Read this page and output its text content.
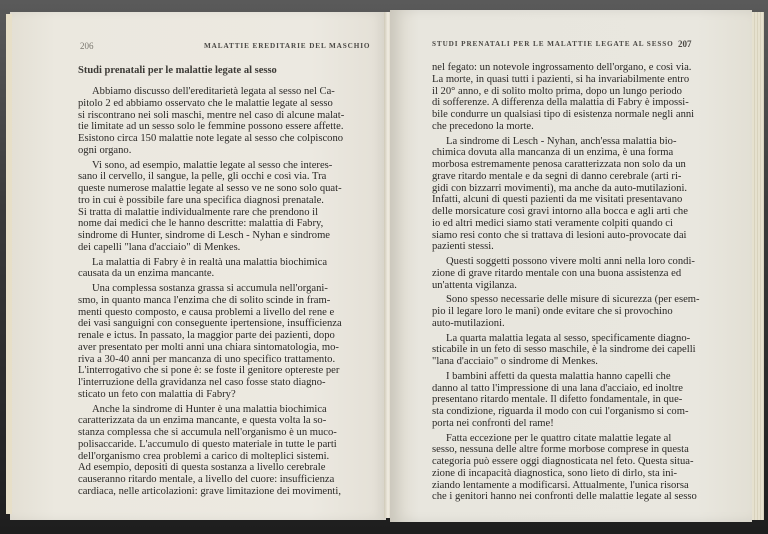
206	MALATTIE EREDITARIE DEL MASCHIO
Studi prenatali per le malattie legate al sesso
Abbiamo discusso dell'ereditarietà legata al sesso nel Ca-
pitolo 2 ed abbiamo osservato che le malattie legate al sesso
si riscontrano nei soli maschi, mentre nel caso di alcune malat-
tie limitate ad un sesso solo le femmine possono essere affette.
Esistono circa 150 malattie note legate al sesso che colpiscono
ogni organo.
Vi sono, ad esempio, malattie legate al sesso che interes-
sano il cervello, il sangue, la pelle, gli occhi e così via. Tra
queste numerose malattie legate al sesso ve ne sono solo quat-
tro in cui è possibile fare una specifica diagnosi prenatale.
Si tratta di malattie individualmente rare che prendono il
nome dai medici che le hanno descritte: malattia di Fabry,
sindrome di Hunter, sindrome di Lesch - Nyhan e sindrome
dei capelli "lana d'acciaio" di Menkes.
La malattia di Fabry è in realtà una malattia biochimica
causata da un enzima mancante.
Una complessa sostanza grassa si accumula nell'organi-
smo, in quanto manca l'enzima che di solito scinde in fram-
menti questo composto, e causa problemi a livello del rene e
dei vasi sanguigni con conseguente ipertensione, insufficienza
renale e ictus. In passato, la maggior parte dei pazienti, dopo
aver presentato per molti anni una chiara sintomatologia, mo-
riva a 30-40 anni per mancanza di uno specifico trattamento.
L'interrogativo che si pone è: se foste il genitore optereste per
l'interruzione della gravidanza nel caso fosse stato diagno-
sticato un feto con malattia di Fabry?
Anche la sindrome di Hunter è una malattia biochimica
caratterizzata da un enzima mancante, e questa volta la so-
stanza complessa che si accumula nell'organismo è un muco-
polisaccaride. L'accumulo di questo materiale in tutte le parti
dell'organismo crea problemi a carico di molteplici sistemi.
Ad esempio, depositi di questa sostanza a livello cerebrale
causeranno ritardo mentale, a livello del cuore: insufficienza
cardiaca, nelle articolazioni: grave limitazione dei movimenti,
STUDI PRENATALI PER LE MALATTIE LEGATE AL SESSO 207
nel fegato: un notevole ingrossamento dell'organo, e così via.
La morte, in quasi tutti i pazienti, si ha invariabilmente entro
il 20° anno, e di solito molto prima, dopo un lungo periodo
di sofferenze. A differenza della malattia di Fabry è impossi-
bile condurre un qualsiasi tipo di esistenza normale negli anni
che precedono la morte.
La sindrome di Lesch - Nyhan, anch'essa malattia bio-
chimica dovuta alla mancanza di un enzima, è una forma
morbosa estremamente penosa caratterizzata non solo da un
grave ritardo mentale e da segni di danno cerebrale (arti ri-
gidi con bizzarri movimenti), ma anche da auto-mutilazioni.
Infatti, alcuni di questi pazienti da me visitati presentavano
delle morsicature così gravi intorno alla bocca e agli arti che
io ed altri medici siamo stati veramente colpiti quando ci
siamo resi conto che si trattava di lesioni auto-provocate dai
pazienti stessi.
Questi soggetti possono vivere molti anni nella loro condi-
zione di grave ritardo mentale con una buona assistenza ed
un'attenta vigilanza.
Sono spesso necessarie delle misure di sicurezza (per esem-
pio il legare loro le mani) onde evitare che si provochino
auto-mutilazioni.
La quarta malattia legata al sesso, specificamente diagno-
sticabile in un feto di sesso maschile, è la sindrome dei capelli
"lana d'acciaio" o sindrome di Menkes.
I bambini affetti da questa malattia hanno capelli che
danno al tatto l'impressione di una lana d'acciaio, ed inoltre
presentano ritardo mentale. Il difetto fondamentale, in que-
sta condizione, riguarda il modo con cui l'organismo si com-
porta nei confronti del rame!
Fatta eccezione per le quattro citate malattie legate al
sesso, nessuna delle altre forme morbose comprese in questa
categoria può essere oggi diagnosticata nel feto. Questa situa-
zione di incapacità diagnostica, sono lieto di dirlo, sta ini-
ziando lentamente a modificarsi. Attualmente, l'unica risorsa
che i genitori hanno nei confronti delle malattie legate al sesso
